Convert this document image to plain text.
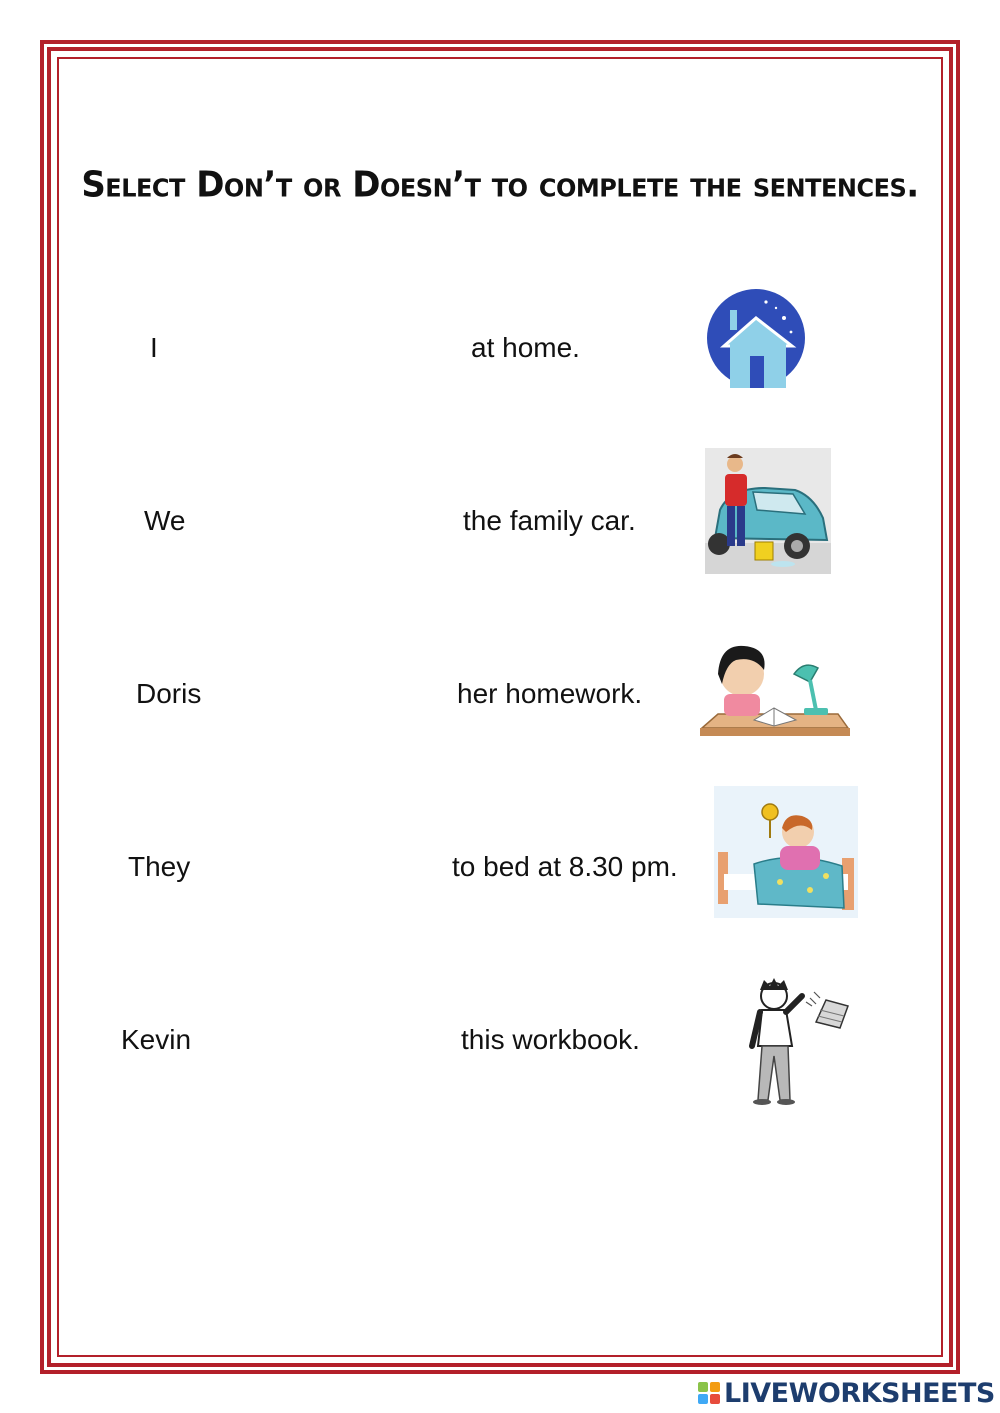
Select Don’t or Doesn’t to complete the sentences.
I	at home.
We	the family car.
Doris	her homework.
They	to bed at 8.30 pm.
Kevin	this workbook.
LIVEWORKSHEETS
